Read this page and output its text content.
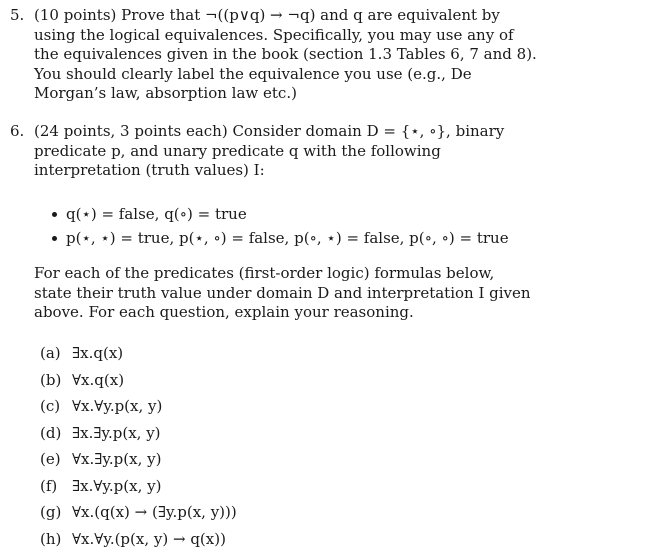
5. (10 points) Prove that ¬((p∨q) → ¬q) and q are equivalent by using the logical equivalences. Specifically, you may use any of the equivalences given in the book (section 1.3 Tables 6, 7 and 8). You should clearly label the equivalence you use (e.g., De Morgan’s law, absorption law etc.)
6. (24 points, 3 points each) Consider domain D = {⋆, ∘}, binary predicate p, and unary predicate q with the following interpretation (truth values) I:
q(⋆) = false, q(∘) = true
p(⋆, ⋆) = true, p(⋆, ∘) = false, p(∘, ⋆) = false, p(∘, ∘) = true
For each of the predicates (first-order logic) formulas below, state their truth value under domain D and interpretation I given above. For each question, explain your reasoning.
(a) ∃x.q(x)
(b) ∀x.q(x)
(c) ∀x.∀y.p(x, y)
(d) ∃x.∃y.p(x, y)
(e) ∀x.∃y.p(x, y)
(f) ∃x.∀y.p(x, y)
(g) ∀x.(q(x) → (∃y.p(x, y)))
(h) ∀x.∀y.(p(x, y) → q(x))
